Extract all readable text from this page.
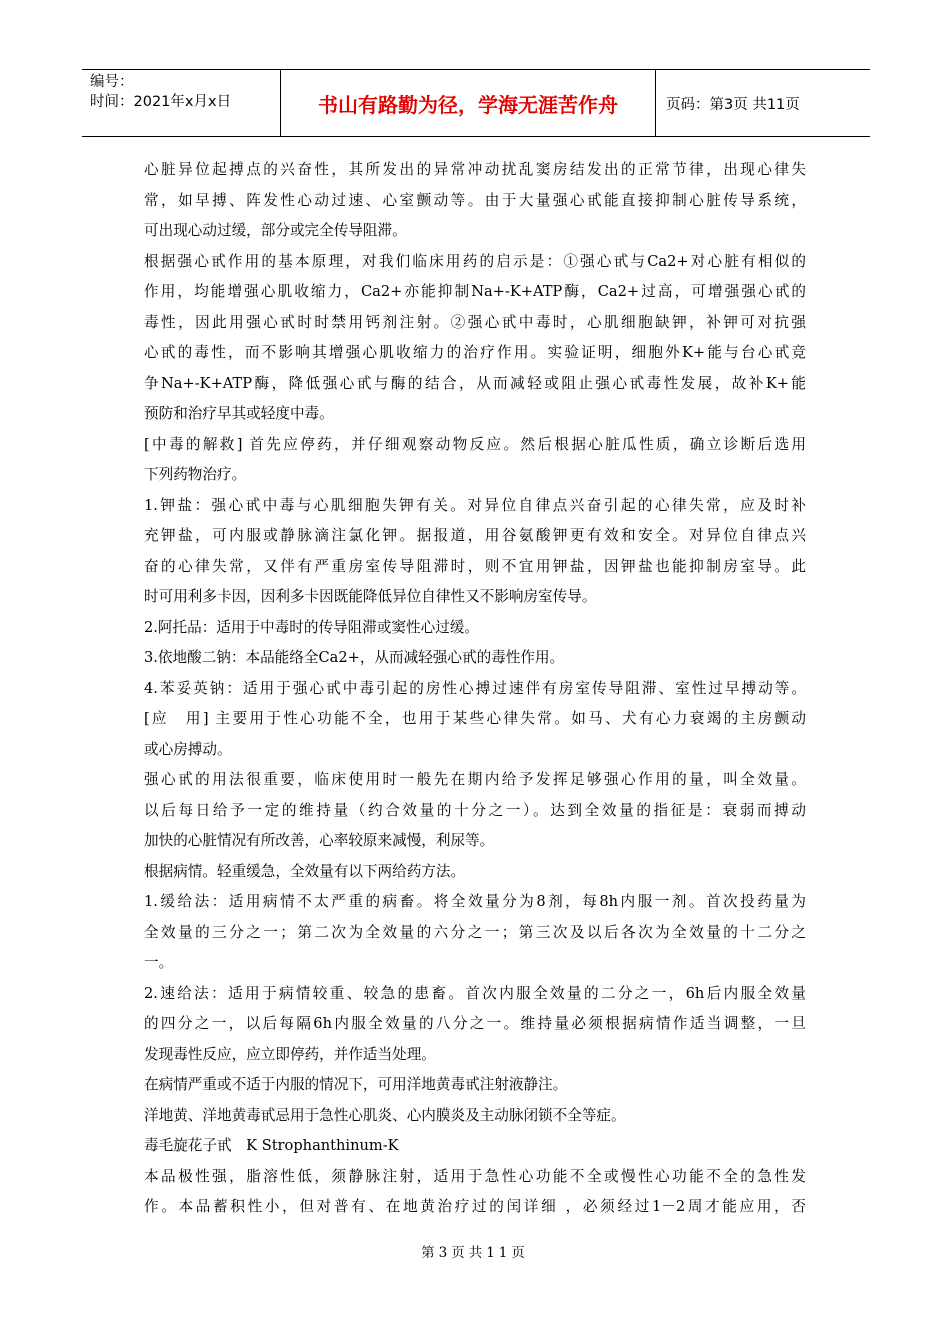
编号：
时间：2021年x月x日	书山有路勤为径，学海无涯苦作舟	页码：第3页 共11页
心脏异位起搏点的兴奋性，其所发出的异常冲动扰乱窦房结发出的正常节律，出现心律失
常，如早搏、阵发性心动过速、心室颤动等。由于大量强心甙能直接抑制心脏传导系统，
可出现心动过缓，部分或完全传导阻滞。
根据强心甙作用的基本原理，对我们临床用药的启示是：①强心甙与Ca2+对心脏有相似的
作用，均能增强心肌收缩力，Ca2+亦能抑制Na+-K+ATP酶，Ca2+过高，可增强强心甙的
毒性，因此用强心甙时时禁用钙剂注射。②强心甙中毒时，心肌细胞缺钾，补钾可对抗强
心甙的毒性，而不影响其增强心肌收缩力的治疗作用。实验证明，细胞外K+能与台心甙竞
争Na+-K+ATP酶，降低强心甙与酶的结合，从而减轻或阻止强心甙毒性发展，故补K+能
预防和治疗早其或轻度中毒。
[中毒的解救] 首先应停药，并仔细观察动物反应。然后根据心脏瓜性质，确立诊断后选用
下列药物治疗。
1.钾盐：强心甙中毒与心肌细胞失钾有关。对异位自律点兴奋引起的心律失常，应及时补
充钾盐，可内服或静脉滴注氯化钾。据报道，用谷氨酸钾更有效和安全。对异位自律点兴
奋的心律失常，又伴有严重房室传导阻滞时，则不宜用钾盐，因钾盐也能抑制房室导。此
时可用利多卡因，因利多卡因既能降低异位自律性又不影响房室传导。
2.阿托品：适用于中毒时的传导阻滞或窦性心过缓。
3.依地酸二钠：本品能络全Ca2+，从而减轻强心甙的毒性作用。
4.苯妥英钠：适用于强心甙中毒引起的房性心搏过速伴有房室传导阻滞、室性过早搏动等。
[应　用] 主要用于性心功能不全，也用于某些心律失常。如马、犬有心力衰竭的主房颤动
或心房搏动。
强心甙的用法很重要，临床使用时一般先在期内给予发挥足够强心作用的量，叫全效量。
以后每日给予一定的维持量（约合效量的十分之一）。达到全效量的指征是：衰弱而搏动
加快的心脏情况有所改善，心率较原来减慢，利尿等。
根据病情。轻重缓急，全效量有以下两给药方法。
1.缓给法：适用病情不太严重的病畜。将全效量分为8剂，每8h内服一剂。首次投药量为
全效量的三分之一；第二次为全效量的六分之一；第三次及以后各次为全效量的十二分之
一。
2.速给法：适用于病情较重、较急的患畜。首次内服全效量的二分之一，6h后内服全效量
的四分之一，以后每隔6h内服全效量的八分之一。维持量必须根据病情作适当调整，一旦
发现毒性反应，应立即停药，并作适当处理。
在病情严重或不适于内服的情况下，可用洋地黄毒甙注射液静注。
洋地黄、洋地黄毒甙忌用于急性心肌炎、心内膜炎及主动脉闭锁不全等症。
毒毛旋花子甙　K Strophanthinum-K
本品极性强，脂溶性低，须静脉注射，适用于急性心功能不全或慢性心功能不全的急性发
作。本品蓄积性小，但对普有、在地黄治疗过的闰详细 ，必须经过1－2周才能应用，否
第3页共11页
